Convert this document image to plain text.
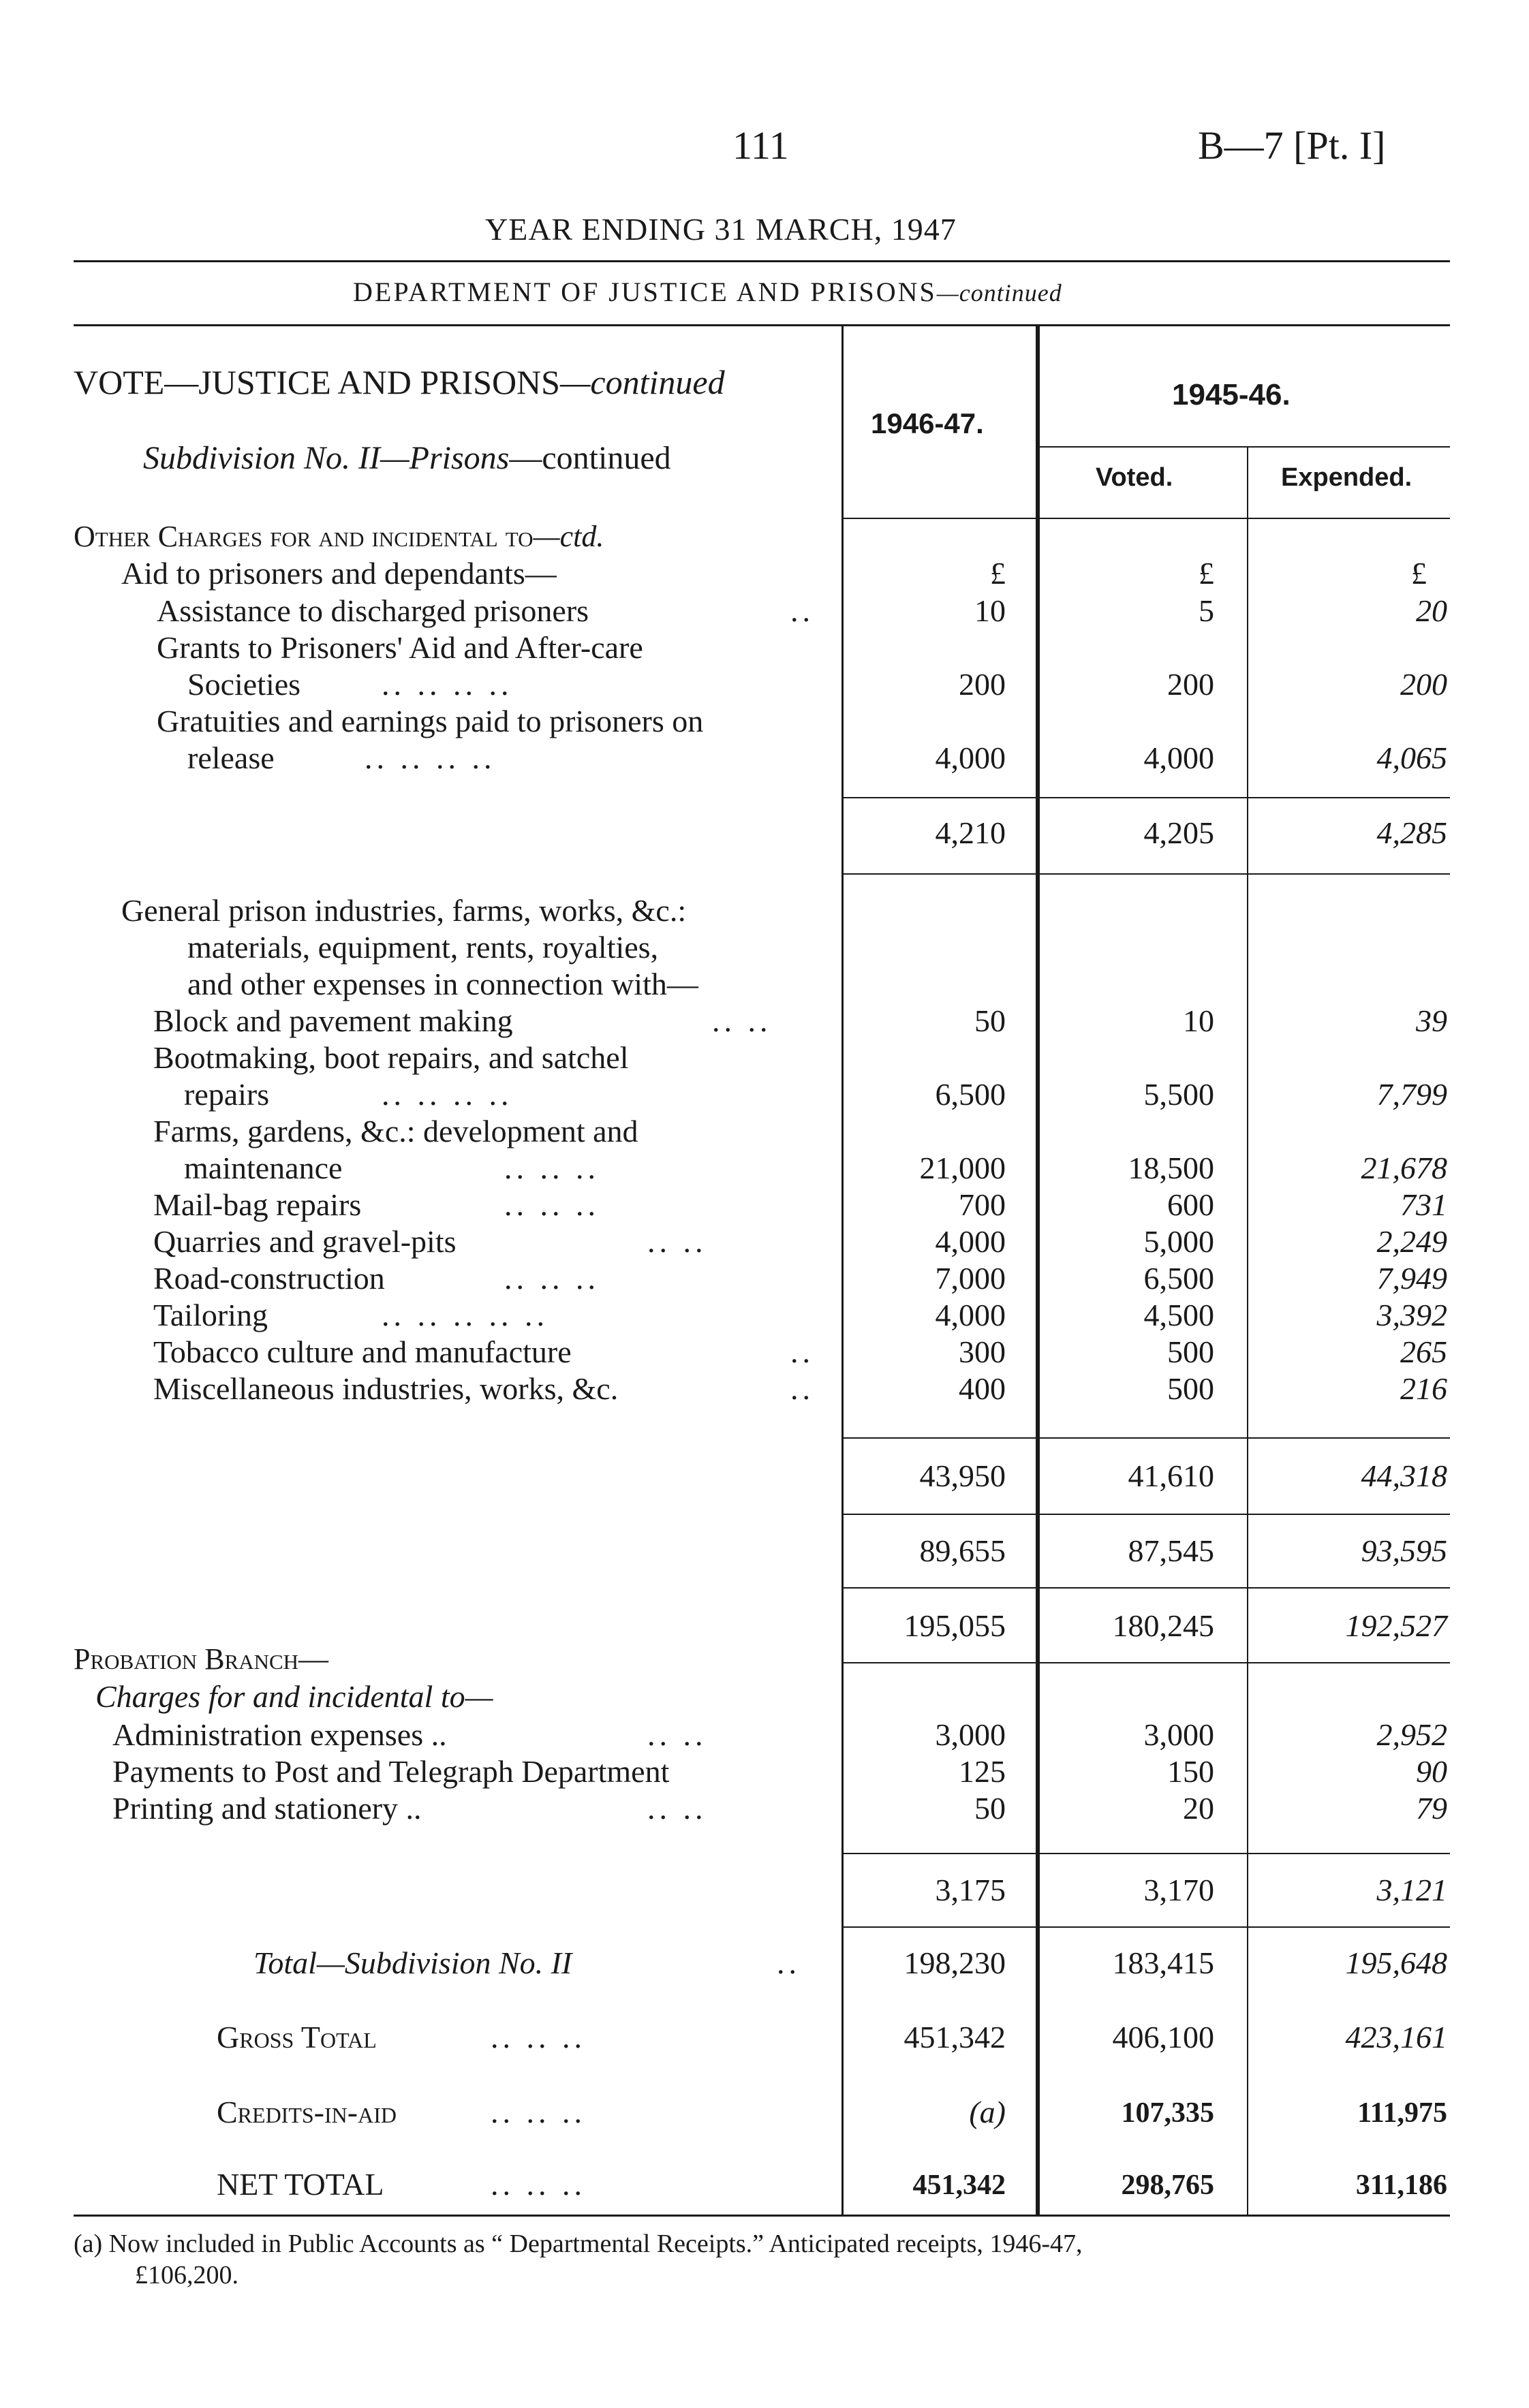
111	B—7 [Pt. I]
YEAR ENDING 31 MARCH, 1947
DEPARTMENT OF JUSTICE AND PRISONS—continued
VOTE—JUSTICE AND PRISONS—continued
Subdivision No. II—Prisons—continued
1946-47.
1945-46.
Voted.	Expended.
Other Charges for and incidental to—ctd.
Aid to prisoners and dependants—	£	£	£
Assistance to discharged prisoners	..	10	5	20
Grants to Prisoners' Aid and After-care
Societies	.. .. .. ..	200	200	200
Gratuities and earnings paid to prisoners on
release	.. .. .. ..	4,000	4,000	4,065
4,210	4,205	4,285
General prison industries, farms, works, &c.:
materials, equipment, rents, royalties,
and other expenses in connection with—
Block and pavement making	.. ..	50	10	39
Bootmaking, boot repairs, and satchel
repairs	.. .. .. ..	6,500	5,500	7,799
Farms, gardens, &c.: development and
maintenance	.. .. ..	21,000	18,500	21,678
Mail-bag repairs	.. .. ..	700	600	731
Quarries and gravel-pits	.. ..	4,000	5,000	2,249
Road-construction	.. .. ..	7,000	6,500	7,949
Tailoring	.. .. .. .. ..	4,000	4,500	3,392
Tobacco culture and manufacture	..	300	500	265
Miscellaneous industries, works, &c.	..	400	500	216
43,950	41,610	44,318
89,655	87,545	93,595
195,055	180,245	192,527
Probation Branch—
Charges for and incidental to—
Administration expenses ..	.. ..	3,000	3,000	2,952
Payments to Post and Telegraph Department	125	150	90
Printing and stationery ..	.. ..	50	20	79
3,175	3,170	3,121
Total—Subdivision No. II	..	198,230	183,415	195,648
Gross Total	.. .. ..	451,342	406,100	423,161
Credits-in-aid	.. .. ..	(a)	107,335	111,975
NET TOTAL	.. .. ..	451,342	298,765	311,186
(a) Now included in Public Accounts as “ Departmental Receipts.” Anticipated receipts, 1946-47,
£106,200.
